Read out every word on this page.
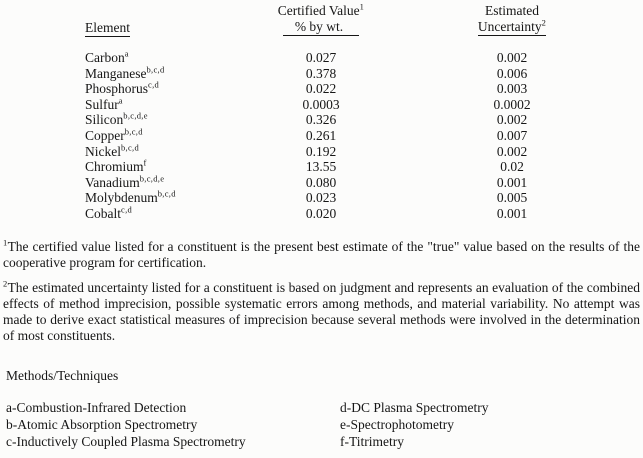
Element
Certified Value$^1$
% by wt.
Estimated
Uncertainty$^2$
Carbon$^a$	0.027	0.002
Manganese$^{b,c,d}$	0.378	0.006
Phosphorus$^{c,d}$	0.022	0.003
Sulfur$^a$	0.0003	0.0002
Silicon$^{b,c,d,e}$	0.326	0.002
Copper$^{b,c,d}$	0.261	0.007
Nickel$^{b,c,d}$	0.192	0.002
Chromium$^f$	13.55	0.02
Vanadium$^{b,c,d,e}$	0.080	0.001
Molybdenum$^{b,c,d}$	0.023	0.005
Cobalt$^{c,d}$	0.020	0.001
$^1$The certified value listed for a constituent is the present best estimate of the "true" value based on the results of the cooperative program for certification.
$^2$The estimated uncertainty listed for a constituent is based on judgment and represents an evaluation of the combined effects of method imprecision, possible systematic errors among methods, and material variability. No attempt was made to derive exact statistical measures of imprecision because several methods were involved in the determination of most constituents.
Methods/Techniques
a-Combustion-Infrared Detection
b-Atomic Absorption Spectrometry
c-Inductively Coupled Plasma Spectrometry
d-DC Plasma Spectrometry
e-Spectrophotometry
f-Titrimetry
